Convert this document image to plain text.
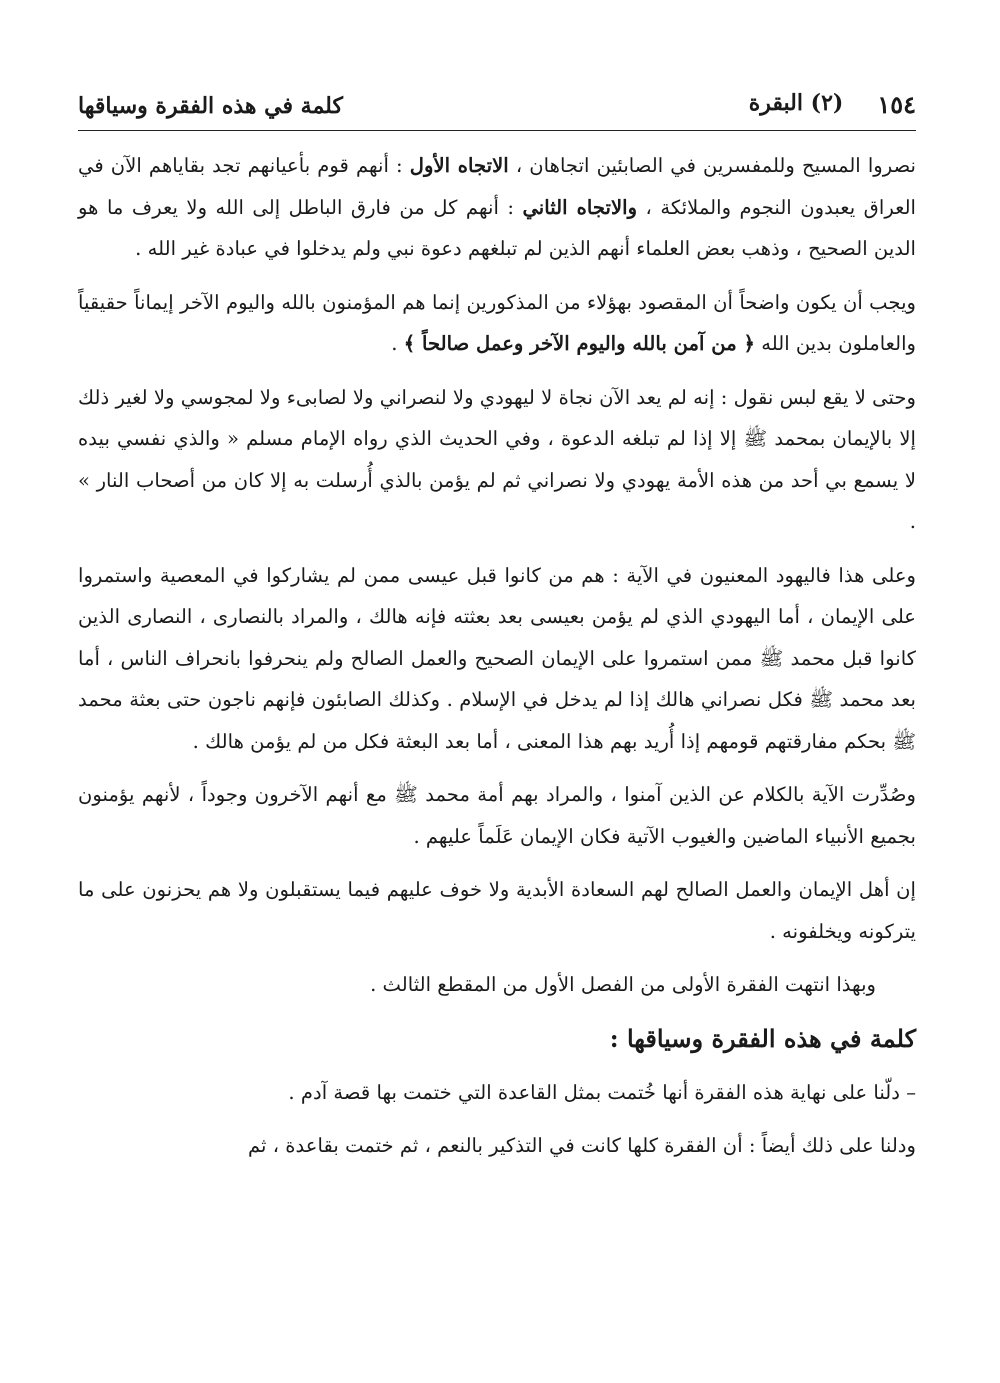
١٥٤
(٢) البقرة
كلمة في هذه الفقرة وسياقها

نصروا المسيح وللمفسرين في الصابئين اتجاهان ، الاتجاه الأول : أنهم قوم بأعيانهم تجد بقاياهم الآن في العراق يعبدون النجوم والملائكة ، والاتجاه الثاني : أنهم كل من فارق الباطل إلى الله ولا يعرف ما هو الدين الصحيح ، وذهب بعض العلماء أنهم الذين لم تبلغهم دعوة نبي ولم يدخلوا في عبادة غير الله .

ويجب أن يكون واضحاً أن المقصود بهؤلاء من المذكورين إنما هم المؤمنون بالله واليوم الآخر إيماناً حقيقياً والعاملون بدين الله ﴿ من آمن بالله واليوم الآخر وعمل صالحاً ﴾ .

وحتى لا يقع لبس نقول : إنه لم يعد الآن نجاة لا ليهودي ولا لنصراني ولا لصابىء ولا لمجوسي ولا لغير ذلك إلا بالإيمان بمحمد ﷺ إلا إذا لم تبلغه الدعوة ، وفي الحديث الذي رواه الإمام مسلم « والذي نفسي بيده لا يسمع بي أحد من هذه الأمة يهودي ولا نصراني ثم لم يؤمن بالذي أُرسلت به إلا كان من أصحاب النار » .

وعلى هذا فاليهود المعنيون في الآية : هم من كانوا قبل عيسى ممن لم يشاركوا في المعصية واستمروا على الإيمان ، أما اليهودي الذي لم يؤمن بعيسى بعد بعثته فإنه هالك ، والمراد بالنصارى ، النصارى الذين كانوا قبل محمد ﷺ ممن استمروا على الإيمان الصحيح والعمل الصالح ولم ينحرفوا بانحراف الناس ، أما بعد محمد ﷺ فكل نصراني هالك إذا لم يدخل في الإسلام . وكذلك الصابئون فإنهم ناجون حتى بعثة محمد ﷺ بحكم مفارقتهم قومهم إذا أُريد بهم هذا المعنى ، أما بعد البعثة فكل من لم يؤمن هالك .

وصُدِّرت الآية بالكلام عن الذين آمنوا ، والمراد بهم أمة محمد ﷺ مع أنهم الآخرون وجوداً ، لأنهم يؤمنون بجميع الأنبياء الماضين والغيوب الآتية فكان الإيمان عَلَماً عليهم .

إن أهل الإيمان والعمل الصالح لهم السعادة الأبدية ولا خوف عليهم فيما يستقبلون ولا هم يحزنون على ما يتركونه ويخلفونه .

وبهذا انتهت الفقرة الأولى من الفصل الأول من المقطع الثالث .

كلمة في هذه الفقرة وسياقها :

– دلّنا على نهاية هذه الفقرة أنها خُتمت بمثل القاعدة التي ختمت بها قصة آدم .

ودلنا على ذلك أيضاً : أن الفقرة كلها كانت في التذكير بالنعم ، ثم ختمت بقاعدة ، ثم
